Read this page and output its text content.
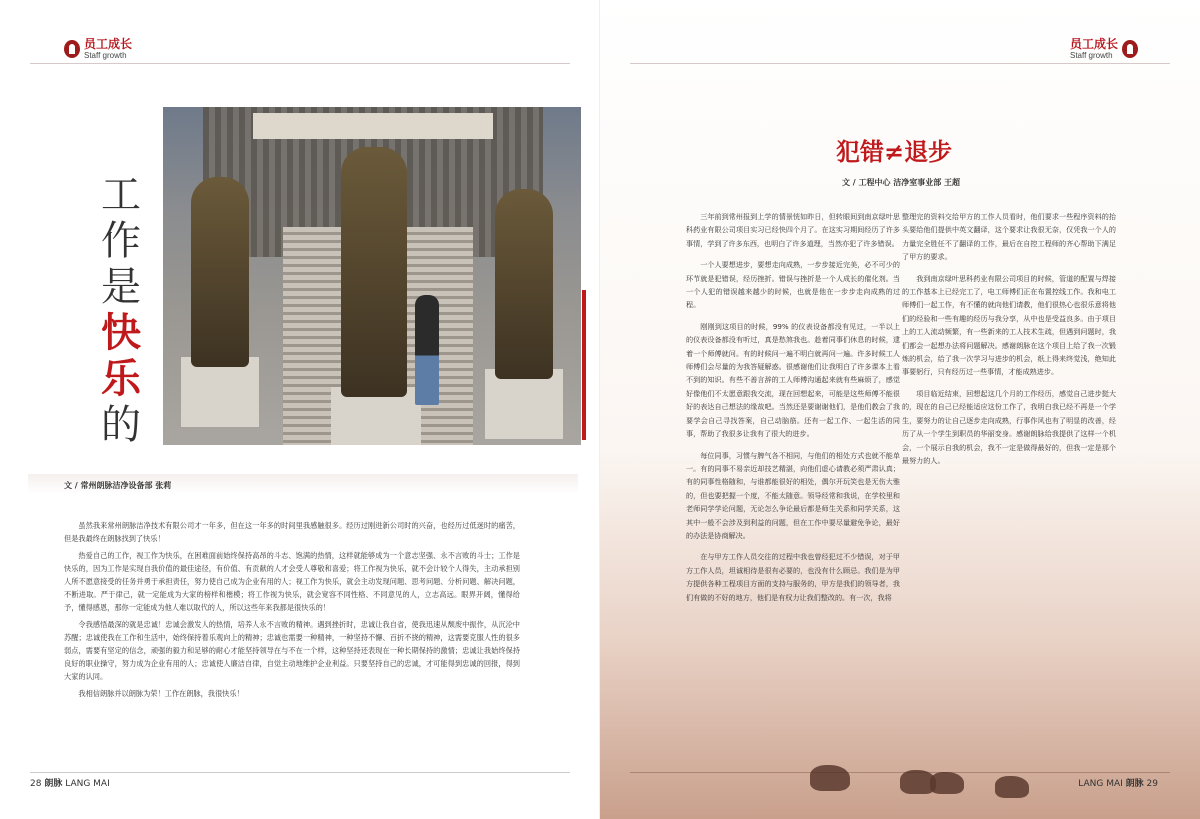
员工成长
Staff growth
工
作
是
快
乐
的
文 / 常州朗脉洁净设备部 张莉

虽然我来常州朗脉洁净技术有限公司才一年多，但在这一年多的时间里我感触很多。经历过刚进新公司时的兴奋，也经历过低迷时的痛苦，但是我最终在朗脉找到了快乐！

热爱自己的工作，视工作为快乐，在困难面前始终保持高昂的斗志、饱满的热情，这样就能够成为一个意志坚强、永不言败的斗士；工作是快乐的，因为工作是实现自我价值的最佳途径，有价值、有贡献的人才会受人尊敬和喜爱；将工作视为快乐，就不会计较个人得失，主动承担别人所不愿意接受的任务并勇于承担责任，努力使自己成为企业有用的人；视工作为快乐，就会主动发现问题、思考问题、分析问题、解决问题，不断进取。严于律己，就一定能成为大家的榜样和楷模；将工作视为快乐，就会宽容不同性格、不同意见的人，立志高远。眼界开阔，懂得给予，懂得感恩，那你一定能成为他人难以取代的人，所以这些年来我都是很快乐的！

令我感悟最深的就是忠诚！忠诚会激发人的热情，培养人永不言败的精神。遇到挫折时，忠诚让我自省，使我迅速从颓废中振作，从沉沦中苏醒；忠诚使我在工作和生活中，始终保持着乐观向上的精神；忠诚也需要一种精神，一种坚持不懈、百折不挠的精神，这需要克服人性的很多弱点，需要有坚定的信念，顽强的毅力和足够的耐心才能坚持领导在与不在一个样，这种坚持还表现在一种长期保持的激情；忠诚让我始终保持良好的职业操守，努力成为企业有用的人；忠诚使人廉洁自律，自觉主动地维护企业利益。只要坚持自己的忠诚，才可能得到忠诚的回报，得到大家的认同。

我相信朗脉并以朗脉为荣！工作在朗脉，我很快乐！

28 朗脉 LANG MAI
员工成长
Staff growth
LANG MAI 朗脉 29
犯错≠退步
文 / 工程中心 洁净室事业部 王超

三年前到常州报到上学的情景恍如昨日，但转眼间到南京绿叶思科药业有限公司项目实习已经快四个月了。在这实习期间经历了许多事情，学到了许多东西，也明白了许多道理，当然亦犯了许多错误。

一个人要想进步，要想走向成熟，一步步接近完美，必不可少的环节就是犯错误，经历挫折。错误与挫折是一个人成长的催化剂。当一个人犯的错误越来越少的时候，也就是他在一步步走向成熟的过程。

刚刚到这项目的时候，99% 的仪表设备都没有见过，一半以上的仪表设备都没有听过，真是愁煞我也。趁着同事们休息的时候，逮着一个师傅就问。有的时候问一遍不明白就再问一遍。许多时候工人师傅们会尽量的为我答疑解惑。很感谢他们让我明白了许多课本上看不到的知识。有些不善言辞的工人师傅沟通起来就有些麻烦了，感觉好像他们不太愿意跟我交流，现在回想起来，可能是这些师傅不能很好的表达自己想法的缘故吧。当然还是要谢谢他们，是他们教会了我要学会自己寻找答案，自己动脑筋。还有一起工作、一起生活的同事，帮助了我很多让我有了很大的进步。

每位同事，习惯与脾气各不相同，与他们的相处方式也就不能单一。有的同事不易亲近却技艺精湛，向他们虚心请教必须严肃认真；有的同事性格随和，与谁都能很好的相处，偶尔开玩笑也是无伤大雅的，但也要把握一个度，不能太随意。领导经常和我说，在学校里和老师同学学论问题，无论怎么争论最后都是师生关系和同学关系，这其中一般不会涉及到利益的问题，但在工作中要尽量避免争论，最好的办法是协商解决。

在与甲方工作人员交往的过程中我也曾经犯过不少错误，对于甲方工作人员，坦诚相待是很有必要的，也没有什么顾忌。我们是为甲方提供各种工程项目方面的支持与服务的，甲方是我们的领导者，我们有做的不好的地方，他们是有权力让我们整改的。有一次，我将

整理完的资料交给甲方的工作人员看时，他们要求一些程序资料的抬头要给他们提供中英文翻译，这个要求让我很无奈，仅凭我一个人的力量完全胜任不了翻译的工作，最后在自控工程师的齐心帮助下满足了甲方的要求。

我到南京绿叶思科药业有限公司项目的时候，管道的配置与焊接的工作基本上已经完工了，电工师傅们正在布置控线工作。我和电工师傅们一起工作，有不懂的就向他们请教，他们很热心也很乐意将他们的经验和一些有趣的经历与我分享，从中也是受益良多。由于项目上的工人流动频繁，有一些新来的工人技术生疏，但遇到问题时，我们都会一起想办法将问题解决。感谢朗脉在这个项目上给了我一次锻炼的机会，给了我一次学习与进步的机会，纸上得来终觉浅，绝知此事要躬行，只有经历过一些事情，才能成熟进步。

项目临近结束，回想起这几个月的工作经历，感觉自己进步挺大的，现在的自己已经能适应这份工作了，我明白我已经不再是一个学生，要努力的让自己逐步走向成熟，行事作风也有了明显的改善，经历了从一个学生到职员的华丽变身。感谢朗脉给我提供了这样一个机会，一个展示自我的机会，我不一定是做得最好的，但我一定是那个最努力的人。
